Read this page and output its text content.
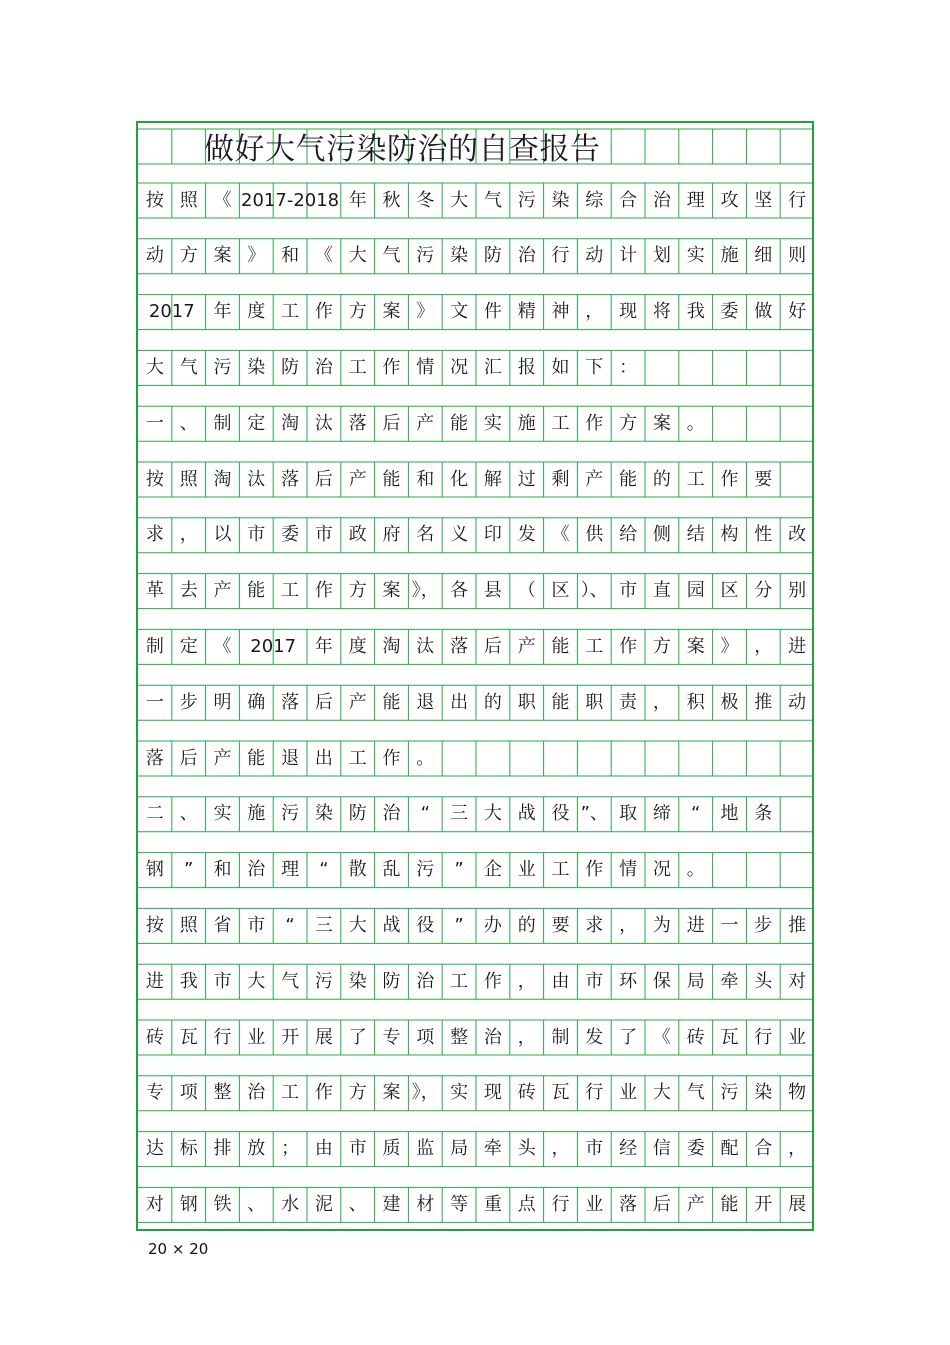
做好大气污染防治的自查报告
按 照 《 2017-2018 年 秋 冬 大 气 污 染 综 合 治 理 攻 坚 行
动 方 案 》 和 《 大 气 污 染 防 治 行 动 计 划 实 施 细 则
2017	年 度 工 作 方 案 》 文 件 精 神 ， 现 将 我 委 做 好
大 气 污 染 防 治 工 作 情 况 汇 报 如 下 ：
一 、 制 定 淘 汰 落 后 产 能 实 施 工 作 方 案 。
按 照 淘 汰 落 后 产 能 和 化 解 过 剩 产 能 的 工 作 要
求 ， 以 市 委 市 政 府 名 义 印 发 《 供 给 侧 结 构 性 改
革 去 产 能 工 作 方 案 》， 各 县 （ 区 ）、 市 直 园 区 分 别
制 定 《	2017	年 度 淘 汰 落 后 产 能 工 作 方 案 》 ， 进
一 步 明 确 落 后 产 能 退 出 的 职 能 职 责 ， 积 极 推 动
落 后 产 能 退 出 工 作 。
二 、 实 施 污 染 防 治	“	三 大 战 役 ”、 取 缔	“	地 条
钢	”	和 治 理	“	散 乱 污	”	企 业 工 作 情 况 。
按 照 省 市	“	三 大 战 役	”	办 的 要 求 ， 为 进 一 步 推
进 我 市 大 气 污 染 防 治 工 作 ， 由 市 环 保 局 牵 头 对
砖 瓦 行 业 开 展 了 专 项 整 治 ， 制 发 了 《 砖 瓦 行 业
专 项 整 治 工 作 方 案 》， 实 现 砖 瓦 行 业 大 气 污 染 物
达 标 排 放 ； 由 市 质 监 局 牵 头 ， 市 经 信 委 配 合 ，
对 钢 铁 、 水 泥 、 建 材 等 重 点 行 业 落 后 产 能 开 展
20 × 20
